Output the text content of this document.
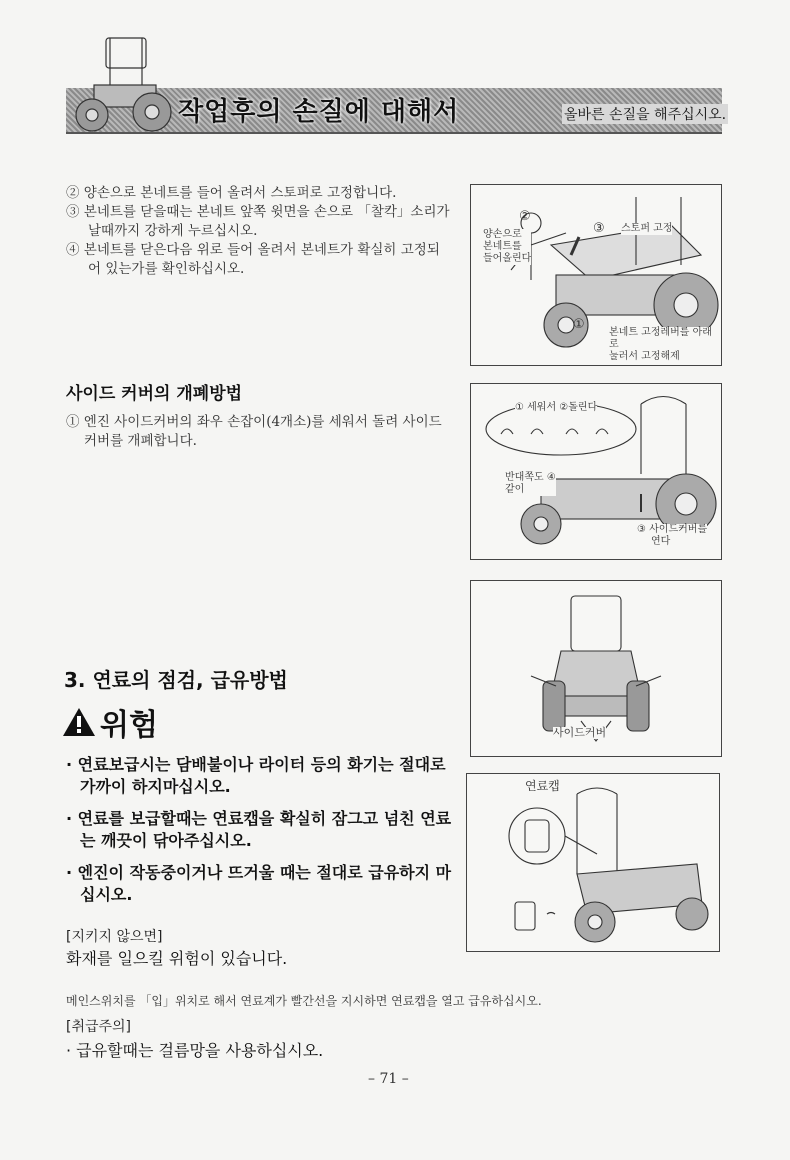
작업후의 손질에 대해서	올바른 손질을 해주십시오.
② 양손으로 본네트를 들어 올려서 스토퍼로 고정합니다.
③ 본네트를 닫을때는 본네트 앞쪽 윗면을 손으로 「찰칵」소리가
날때까지 강하게 누르십시오.
④ 본네트를 닫은다음 위로 들어 올려서 본네트가 확실히 고정되
어 있는가를 확인하십시오.
②
③
①
양손으로
본네트를
들어올린다
스토퍼 고정
본네트 고정레버를 아래로
눌러서 고정해제
사이드 커버의 개폐방법
① 엔진 사이드커버의 좌우 손잡이(4개소)를 세워서 돌려 사이드
커버를 개폐합니다.
① 세워서 ②돌린다
반대쪽도 ④
같이
③ 사이드커버를
연다
사이드커버
3. 연료의 점검, 급유방법
위험
· 연료보급시는 담배불이나 라이터 등의 화기는 절대로
가까이 하지마십시오.
· 연료를 보급할때는 연료캡을 확실히 잠그고 넘친 연료
는 깨끗이 닦아주십시오.
· 엔진이 작동중이거나 뜨거울 때는 절대로 급유하지 마
십시오.
[지키지 않으면]
화재를 일으킬 위험이 있습니다.
연료캡
메인스위치를 「입」위치로 해서 연료계가 빨간선을 지시하면 연료캡을 열고 급유하십시오.
[취급주의]
· 급유할때는 걸름망을 사용하십시오.
– 71 –
